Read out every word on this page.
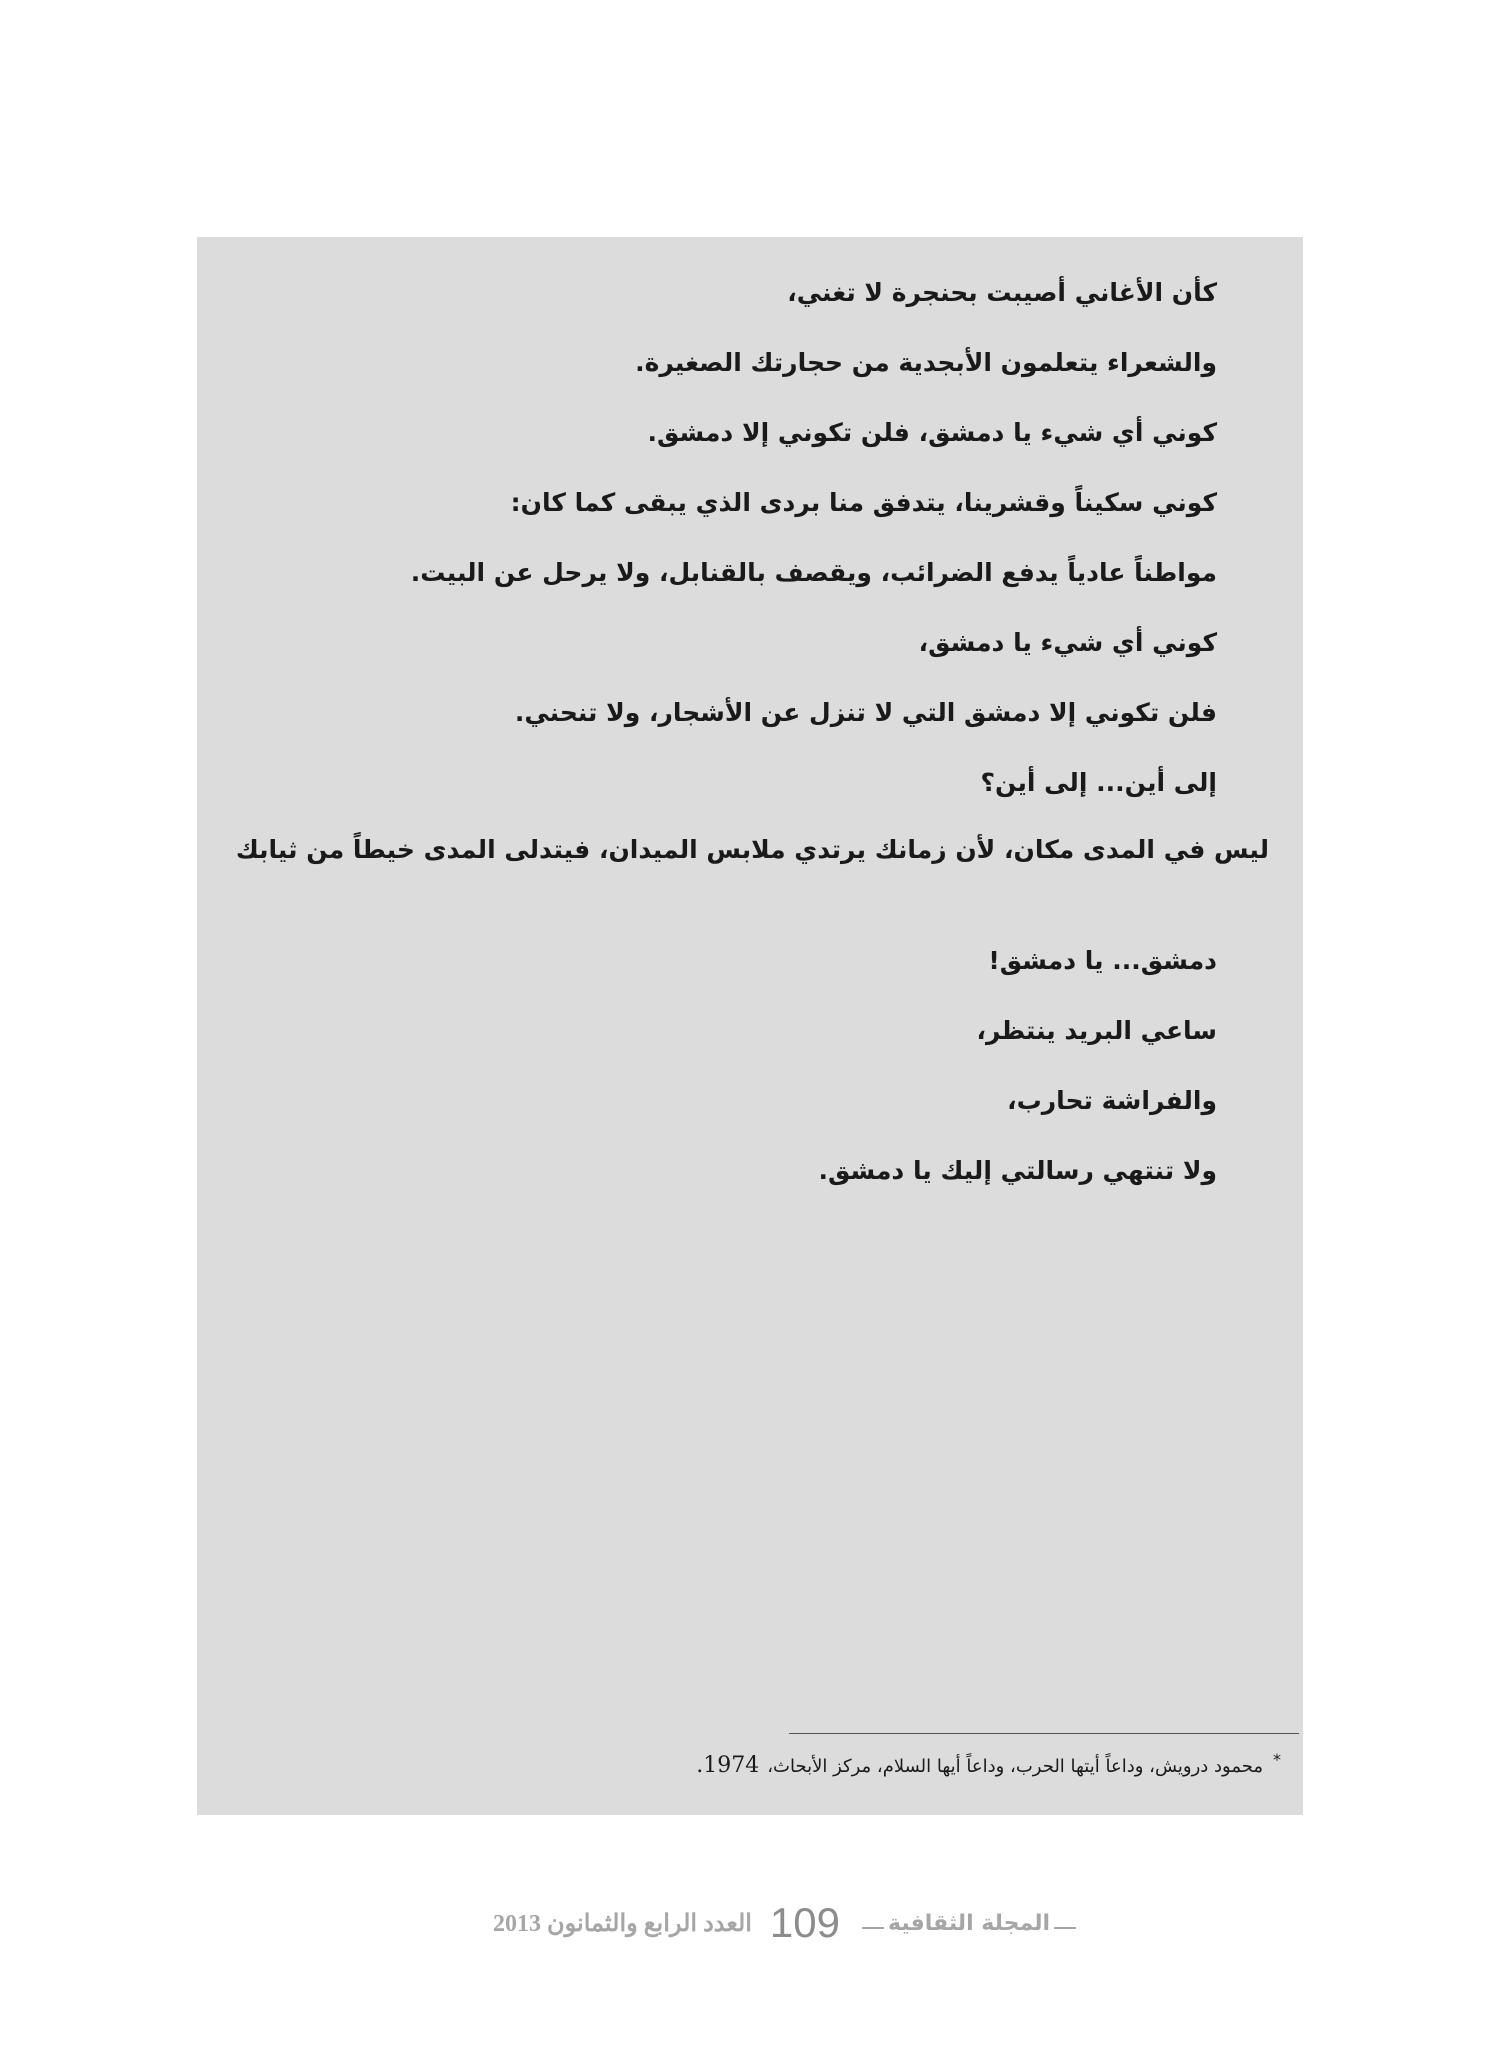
كأن الأغاني أصيبت بحنجرة لا تغني،
والشعراء يتعلمون الأبجدية من حجارتك الصغيرة.
كوني أي شيء يا دمشق، فلن تكوني إلا دمشق.
كوني سكيناً وقشرينا، يتدفق منا بردى الذي يبقى كما كان:
مواطناً عادياً يدفع الضرائب، ويقصف بالقنابل، ولا يرحل عن البيت.
كوني أي شيء يا دمشق،
فلن تكوني إلا دمشق التي لا تنزل عن الأشجار، ولا تنحني.
إلى أين... إلى أين؟
ليس في المدى مكان، لأن زمانك يرتدي ملابس الميدان، فيتدلى المدى خيطاً من ثيابك
دمشق... يا دمشق!
ساعي البريد ينتظر،
والفراشة تحارب،
ولا تنتهي رسالتي إليك يا دمشق.
*محمود درويش، وداعاً أيتها الحرب، وداعاً أيها السلام، مركز الأبحاث،1974.
المجلة الثقافية
109
العدد الرابع والثمانون 2013
